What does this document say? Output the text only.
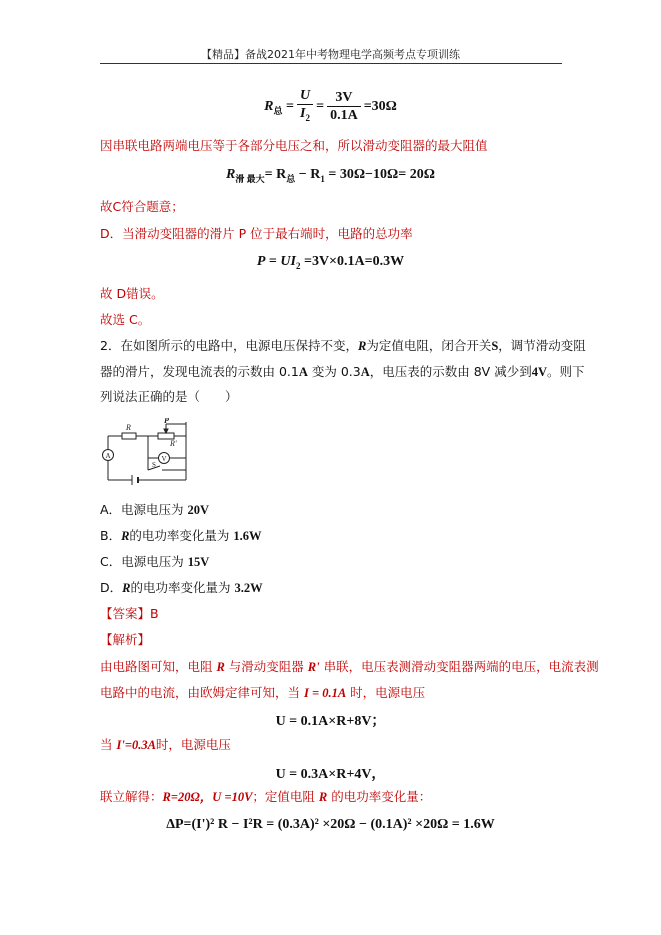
【精品】备战2021年中考物理电学高频考点专项训练
$R_总 = \frac{U}{I_2} = \frac{3V}{0.1A} =30\Omega$
因串联电路两端电压等于各部分电压之和，所以滑动变阻器的最大阻值
$R_{滑 最大}= R_总 - R_1 = 30\Omega-10\Omega= 20\Omega$
故C符合题意；
D．当滑动变阻器的滑片 P 位于最右端时，电路的总功率
$P = UI_2 =3V\times 0.1A=0.3W$
故 D错误。
故选 C。
2．在如图所示的电路中，电源电压保持不变，R为定值电阻，闭合开关S，调节滑动变阻
器的滑片，发现电流表的示数由 0.1A 变为 0.3A，电压表的示数由 8V 减少到4V。则下
列说法正确的是（　　）
P
R
R'
A	V
S
A．电源电压为 20V
B．R的电功率变化量为 1.6W
C．电源电压为 15V
D．R的电功率变化量为 3.2W
【答案】B
【解析】
由电路图可知，电阻 R 与滑动变阻器 R' 串联，电压表测滑动变阻器两端的电压，电流表测
电路中的电流，由欧姆定律可知，当 I = 0.1A 时，电源电压
U = 0.1A×R+8V；
当 I'=0.3A时，电源电压
U = 0.3A×R+4V，
联立解得：R=20Ω，U =10V；定值电阻 R 的电功率变化量：
ΔP=(I')² R − I²R = (0.3A)² ×20Ω − (0.1A)² ×20Ω = 1.6W
